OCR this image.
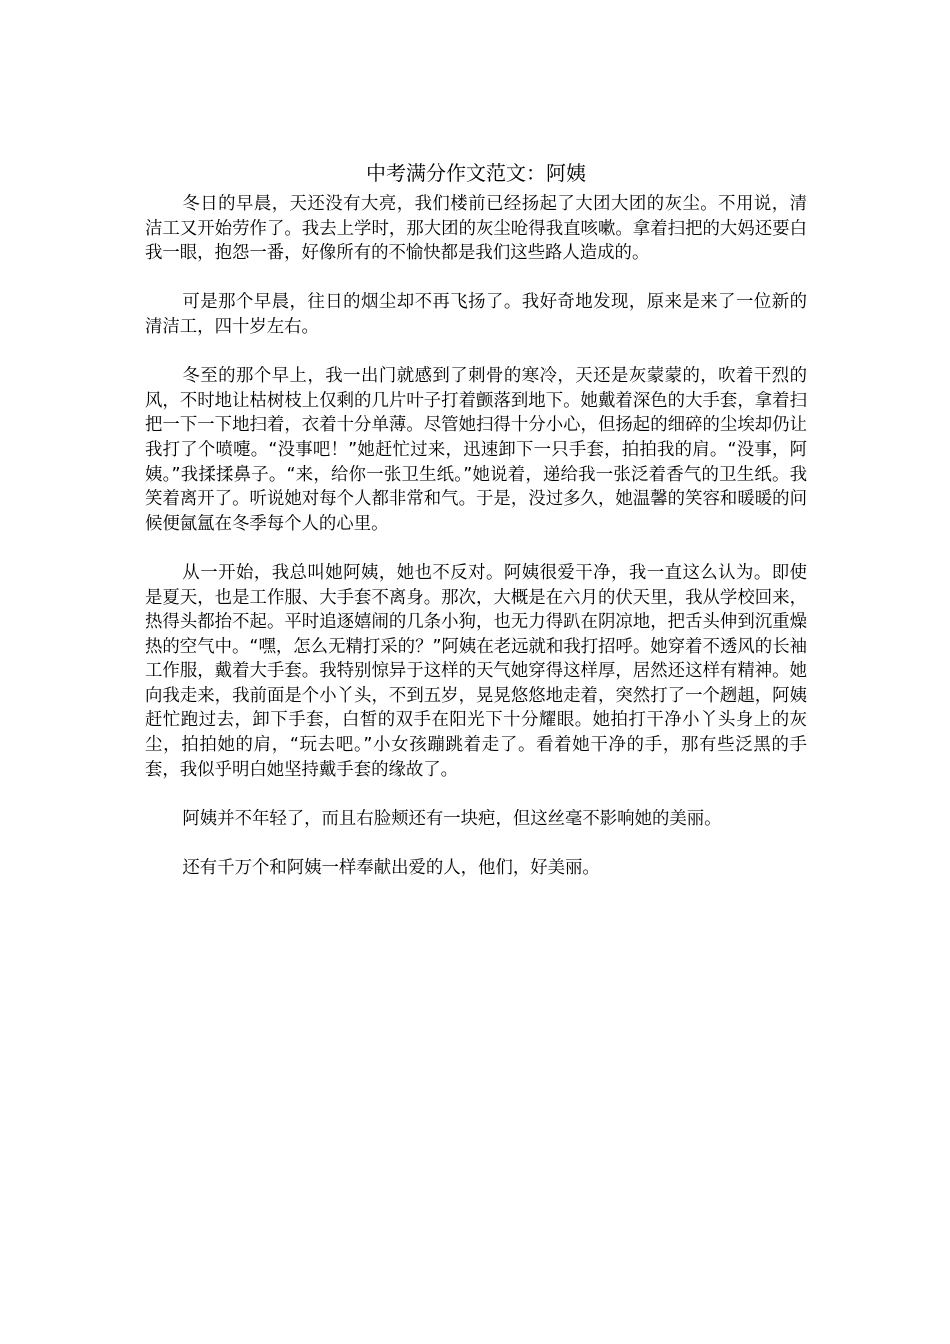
中考满分作文范文：阿姨

冬日的早晨，天还没有大亮，我们楼前已经扬起了大团大团的灰尘。不用说，清洁工又开始劳作了。我去上学时，那大团的灰尘呛得我直咳嗽。拿着扫把的大妈还要白我一眼，抱怨一番，好像所有的不愉快都是我们这些路人造成的。

可是那个早晨，往日的烟尘却不再飞扬了。我好奇地发现，原来是来了一位新的清洁工，四十岁左右。

冬至的那个早上，我一出门就感到了刺骨的寒冷，天还是灰蒙蒙的，吹着干烈的风，不时地让枯树枝上仅剩的几片叶子打着颤落到地下。她戴着深色的大手套，拿着扫把一下一下地扫着，衣着十分单薄。尽管她扫得十分小心，但扬起的细碎的尘埃却仍让我打了个喷嚏。“没事吧！”她赶忙过来，迅速卸下一只手套，拍拍我的肩。“没事，阿姨。”我揉揉鼻子。“来，给你一张卫生纸。”她说着，递给我一张泛着香气的卫生纸。我笑着离开了。听说她对每个人都非常和气。于是，没过多久，她温馨的笑容和暖暖的问候便氤氲在冬季每个人的心里。

从一开始，我总叫她阿姨，她也不反对。阿姨很爱干净，我一直这么认为。即使是夏天，也是工作服、大手套不离身。那次，大概是在六月的伏天里，我从学校回来，热得头都抬不起。平时追逐嬉闹的几条小狗，也无力得趴在阴凉地，把舌头伸到沉重燥热的空气中。“嘿，怎么无精打采的？”阿姨在老远就和我打招呼。她穿着不透风的长袖工作服，戴着大手套。我特别惊异于这样的天气她穿得这样厚，居然还这样有精神。她向我走来，我前面是个小丫头，不到五岁，晃晃悠悠地走着，突然打了一个趔趄，阿姨赶忙跑过去，卸下手套，白皙的双手在阳光下十分耀眼。她拍打干净小丫头身上的灰尘，拍拍她的肩，“玩去吧。”小女孩蹦跳着走了。看着她干净的手，那有些泛黑的手套，我似乎明白她坚持戴手套的缘故了。

阿姨并不年轻了，而且右脸颊还有一块疤，但这丝毫不影响她的美丽。

还有千万个和阿姨一样奉献出爱的人，他们，好美丽。
